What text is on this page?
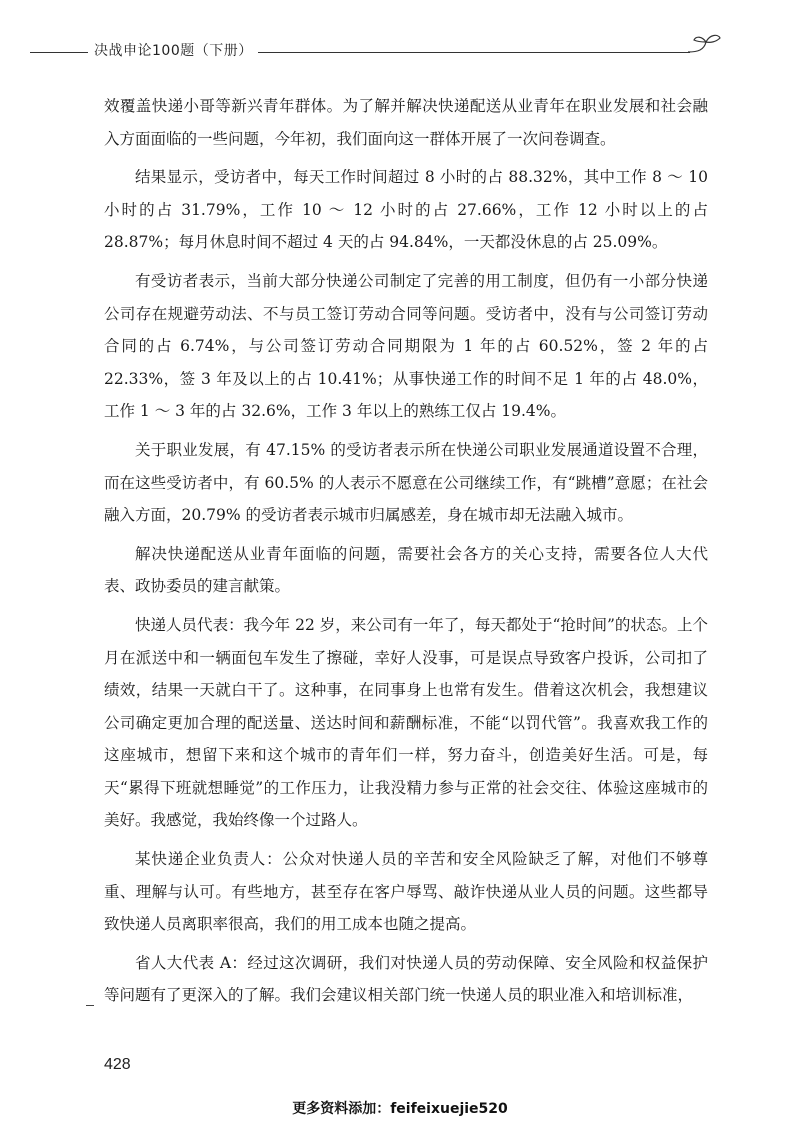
决战申论100题（下册）

效覆盖快递小哥等新兴青年群体。为了解并解决快递配送从业青年在职业发展和社会融入方面面临的一些问题，今年初，我们面向这一群体开展了一次问卷调查。

结果显示，受访者中，每天工作时间超过 8 小时的占 88.32%，其中工作 8 ～ 10 小时的占 31.79%，工作 10 ～ 12 小时的占 27.66%，工作 12 小时以上的占 28.87%；每月休息时间不超过 4 天的占 94.84%，一天都没休息的占 25.09%。

有受访者表示，当前大部分快递公司制定了完善的用工制度，但仍有一小部分快递公司存在规避劳动法、不与员工签订劳动合同等问题。受访者中，没有与公司签订劳动合同的占 6.74%，与公司签订劳动合同期限为 1 年的占 60.52%，签 2 年的占 22.33%，签 3 年及以上的占 10.41%；从事快递工作的时间不足 1 年的占 48.0%，工作 1 ～ 3 年的占 32.6%，工作 3 年以上的熟练工仅占 19.4%。

关于职业发展，有 47.15% 的受访者表示所在快递公司职业发展通道设置不合理，而在这些受访者中，有 60.5% 的人表示不愿意在公司继续工作，有“跳槽”意愿；在社会融入方面，20.79% 的受访者表示城市归属感差，身在城市却无法融入城市。

解决快递配送从业青年面临的问题，需要社会各方的关心支持，需要各位人大代表、政协委员的建言献策。

快递人员代表：我今年 22 岁，来公司有一年了，每天都处于“抢时间”的状态。上个月在派送中和一辆面包车发生了擦碰，幸好人没事，可是误点导致客户投诉，公司扣了绩效，结果一天就白干了。这种事，在同事身上也常有发生。借着这次机会，我想建议公司确定更加合理的配送量、送达时间和薪酬标准，不能“以罚代管”。我喜欢我工作的这座城市，想留下来和这个城市的青年们一样，努力奋斗，创造美好生活。可是，每天“累得下班就想睡觉”的工作压力，让我没精力参与正常的社会交往、体验这座城市的美好。我感觉，我始终像一个过路人。

某快递企业负责人：公众对快递人员的辛苦和安全风险缺乏了解，对他们不够尊重、理解与认可。有些地方，甚至存在客户辱骂、敲诈快递从业人员的问题。这些都导致快递人员离职率很高，我们的用工成本也随之提高。

省人大代表 A：经过这次调研，我们对快递人员的劳动保障、安全风险和权益保护等问题有了更深入的了解。我们会建议相关部门统一快递人员的职业准入和培训标准，

428
更多资料添加：feifeixuejie520
